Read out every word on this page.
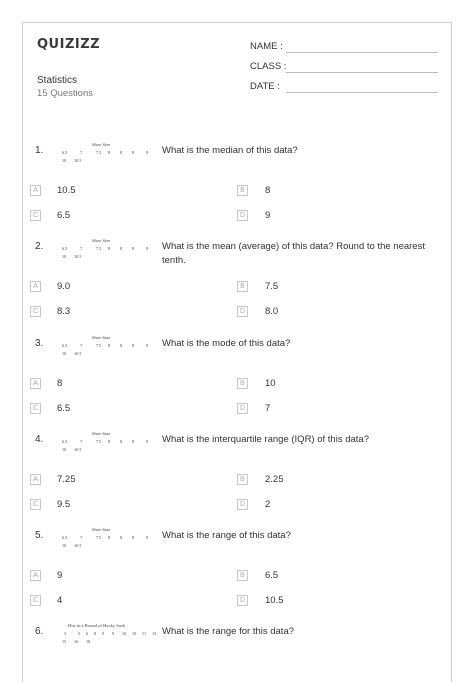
QUIZIZZ
Statistics
15 Questions
NAME :
CLASS :
DATE :
1.	What is the median of this data?
Shoe Size
6.5	7	7.5 8 8 8	9
10 10.5
A	10.5	B	8
C	6.5	D	9
2.	What is the mean (average) of this data? Round to the nearest tenth.
Shoe Size
6.5	7	7.5 8 8 8	9
10 10.5
A	9.0	B	7.5
C	8.3	D	8.0
3.	What is the mode of this data?
Shoe Size
6.5	7	7.5 8 8 8	9
10 10.5
A	8	B	10
C	6.5	D	7
4.	What is the interquartile range (IQR) of this data?
Shoe Size
6.5	7	7.5 8 8 8	9
10 10.5
A	7.25	B	2.25
C	9.5	D	2
5.	What is the range of this data?
Shoe Size
6.5	7	7.5 8 8 8	9
10 10.5
A	9	B	6.5
C	4	D	10.5
6.	What is the range for this data?
Hits in a Round of Hacky Sack
3	5 6 8 9 9 10 10 11 13
15 16 18
